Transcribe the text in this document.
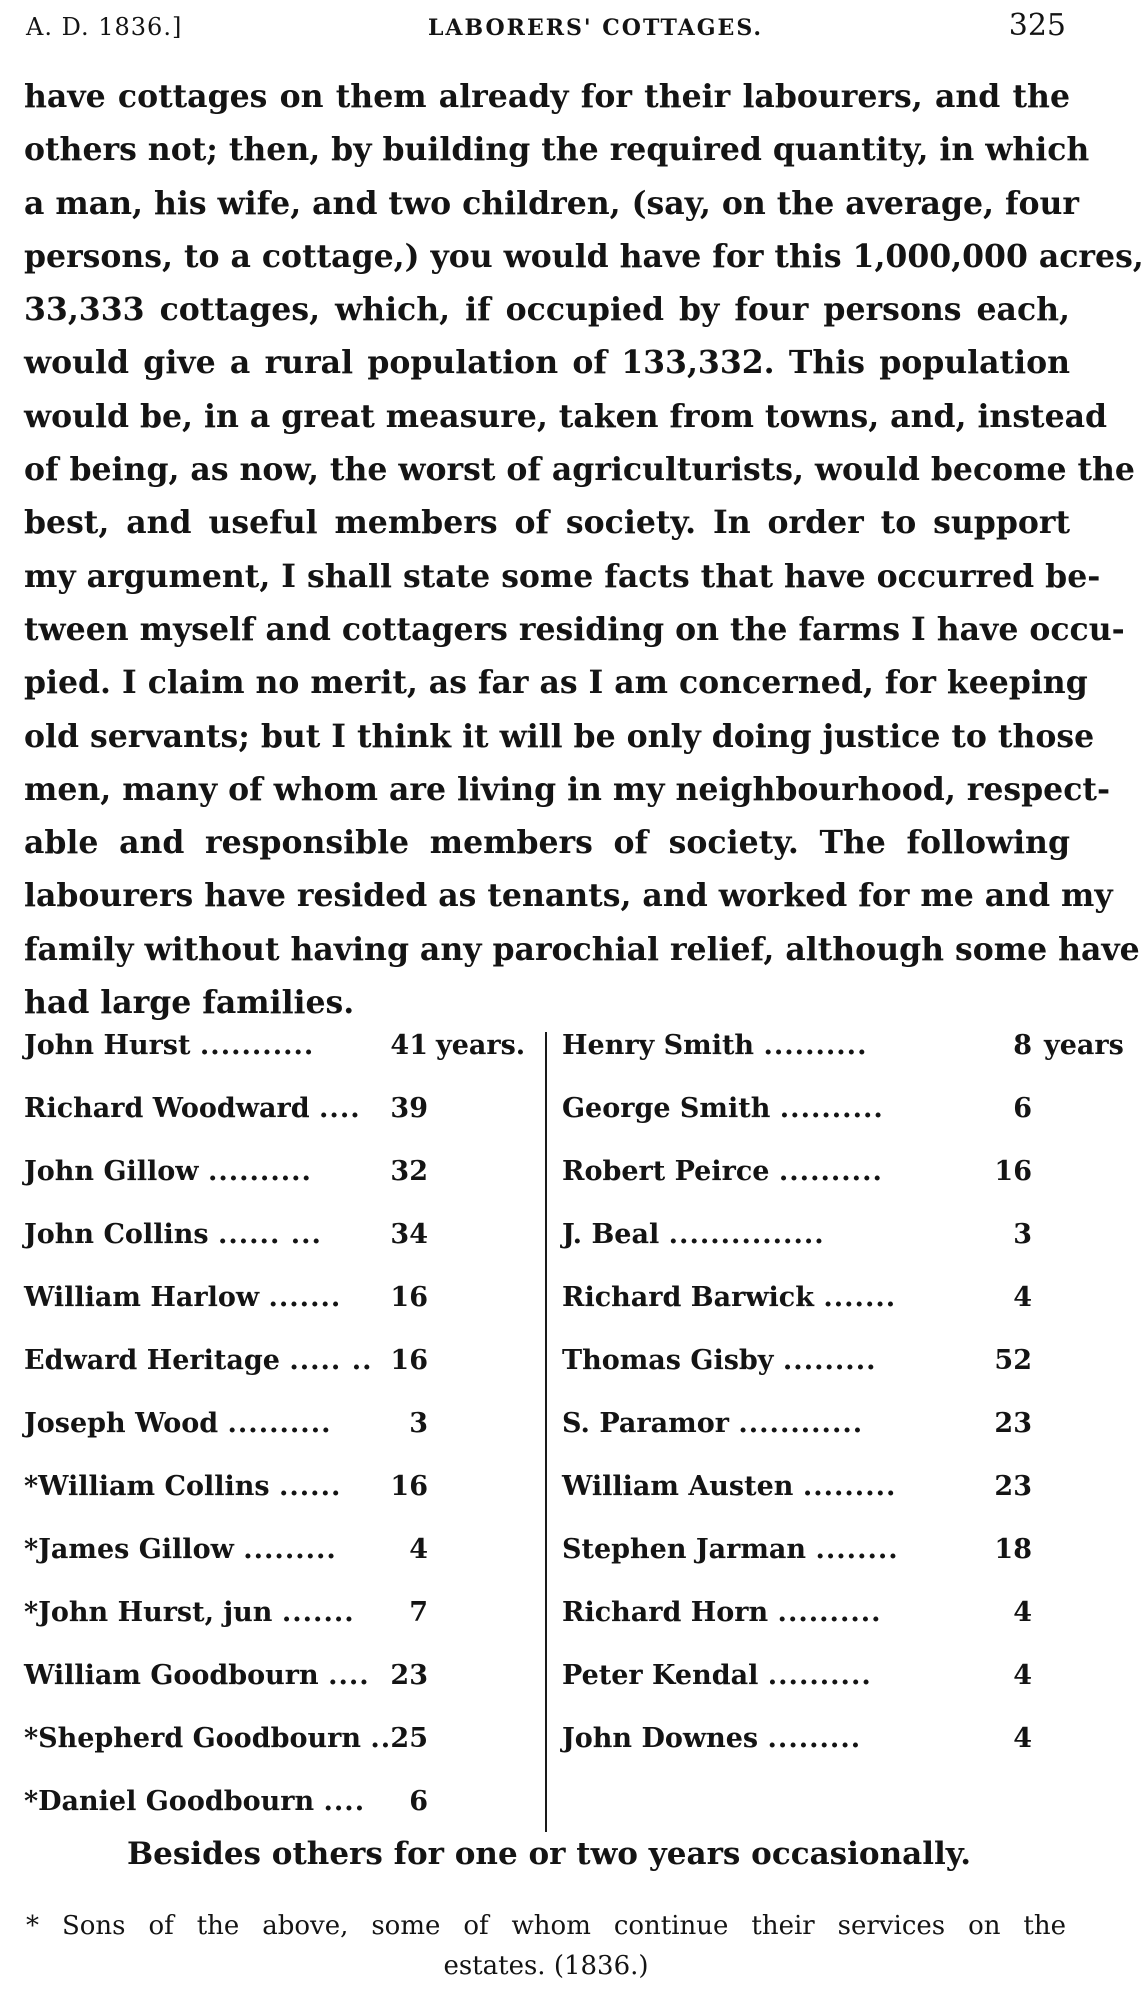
A. D. 1836.]	LABORERS' COTTAGES.	325
have cottages on them already for their labourers, and the
others not; then, by building the required quantity, in which
a man, his wife, and two children, (say, on the average, four
persons, to a cottage,) you would have for this 1,000,000 acres,
33,333 cottages, which, if occupied by four persons each,
would give a rural population of 133,332. This population
would be, in a great measure, taken from towns, and, instead
of being, as now, the worst of agriculturists, would become the
best, and useful members of society. In order to support
my argument, I shall state some facts that have occurred be-
tween myself and cottagers residing on the farms I have occu-
pied. I claim no merit, as far as I am concerned, for keeping
old servants; but I think it will be only doing justice to those
men, many of whom are living in my neighbourhood, respect-
able and responsible members of society. The following
labourers have resided as tenants, and worked for me and my
family without having any parochial relief, although some have
had large families.
John Hurst ...........	41 years.
Richard Woodward ....	39
John Gillow ..........	32
John Collins ...... ...	34
William Harlow .......	16
Edward Heritage ..... .. 16
Joseph Wood ..........	3
*William Collins ......	16
*James Gillow .........	4
*John Hurst, jun .......	7
William Goodbourn .... 23
*Shepherd Goodbourn .. 25
*Daniel Goodbourn ....	6
Henry Smith ..........	8 years
George Smith ..........	6
Robert Peirce ..........	16
J. Beal ...............	3
Richard Barwick .......	4
Thomas Gisby .........	52
S. Paramor ............	23
William Austen .........	23
Stephen Jarman ........	18
Richard Horn ..........	4
Peter Kendal ..........	4
John Downes .........	4
Besides others for one or two years occasionally.
* Sons of the above, some of whom continue their services on the
estates. (1836.)
